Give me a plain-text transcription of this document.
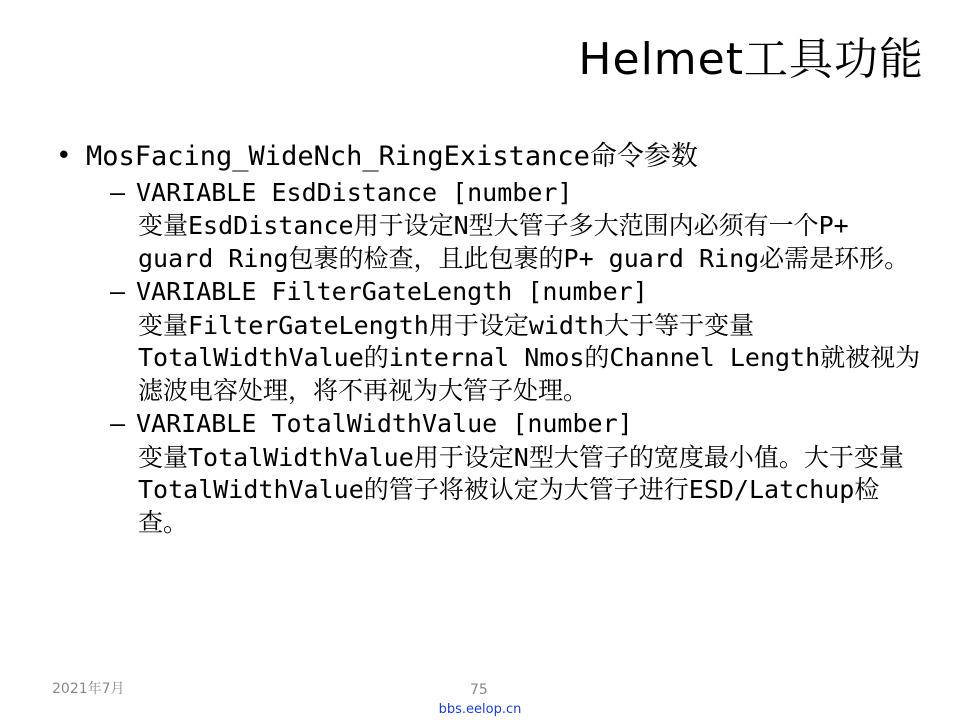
Helmet工具功能
• MosFacing_WideNch_RingExistance命令参数
– VARIABLE EsdDistance [number]
变量EsdDistance用于设定N型大管子多大范围内必须有一个P+ guard Ring包裹的检查，且此包裹的P+ guard Ring必需是环形。
– VARIABLE FilterGateLength [number]
变量FilterGateLength用于设定width大于等于变量TotalWidthValue的internal Nmos的Channel Length就被视为滤波电容处理，将不再视为大管子处理。
– VARIABLE TotalWidthValue [number]
变量TotalWidthValue用于设定N型大管子的宽度最小值。大于变量TotalWidthValue的管子将被认定为大管子进行ESD/Latchup检查。
2021年7月	75
bbs.eelop.cn
